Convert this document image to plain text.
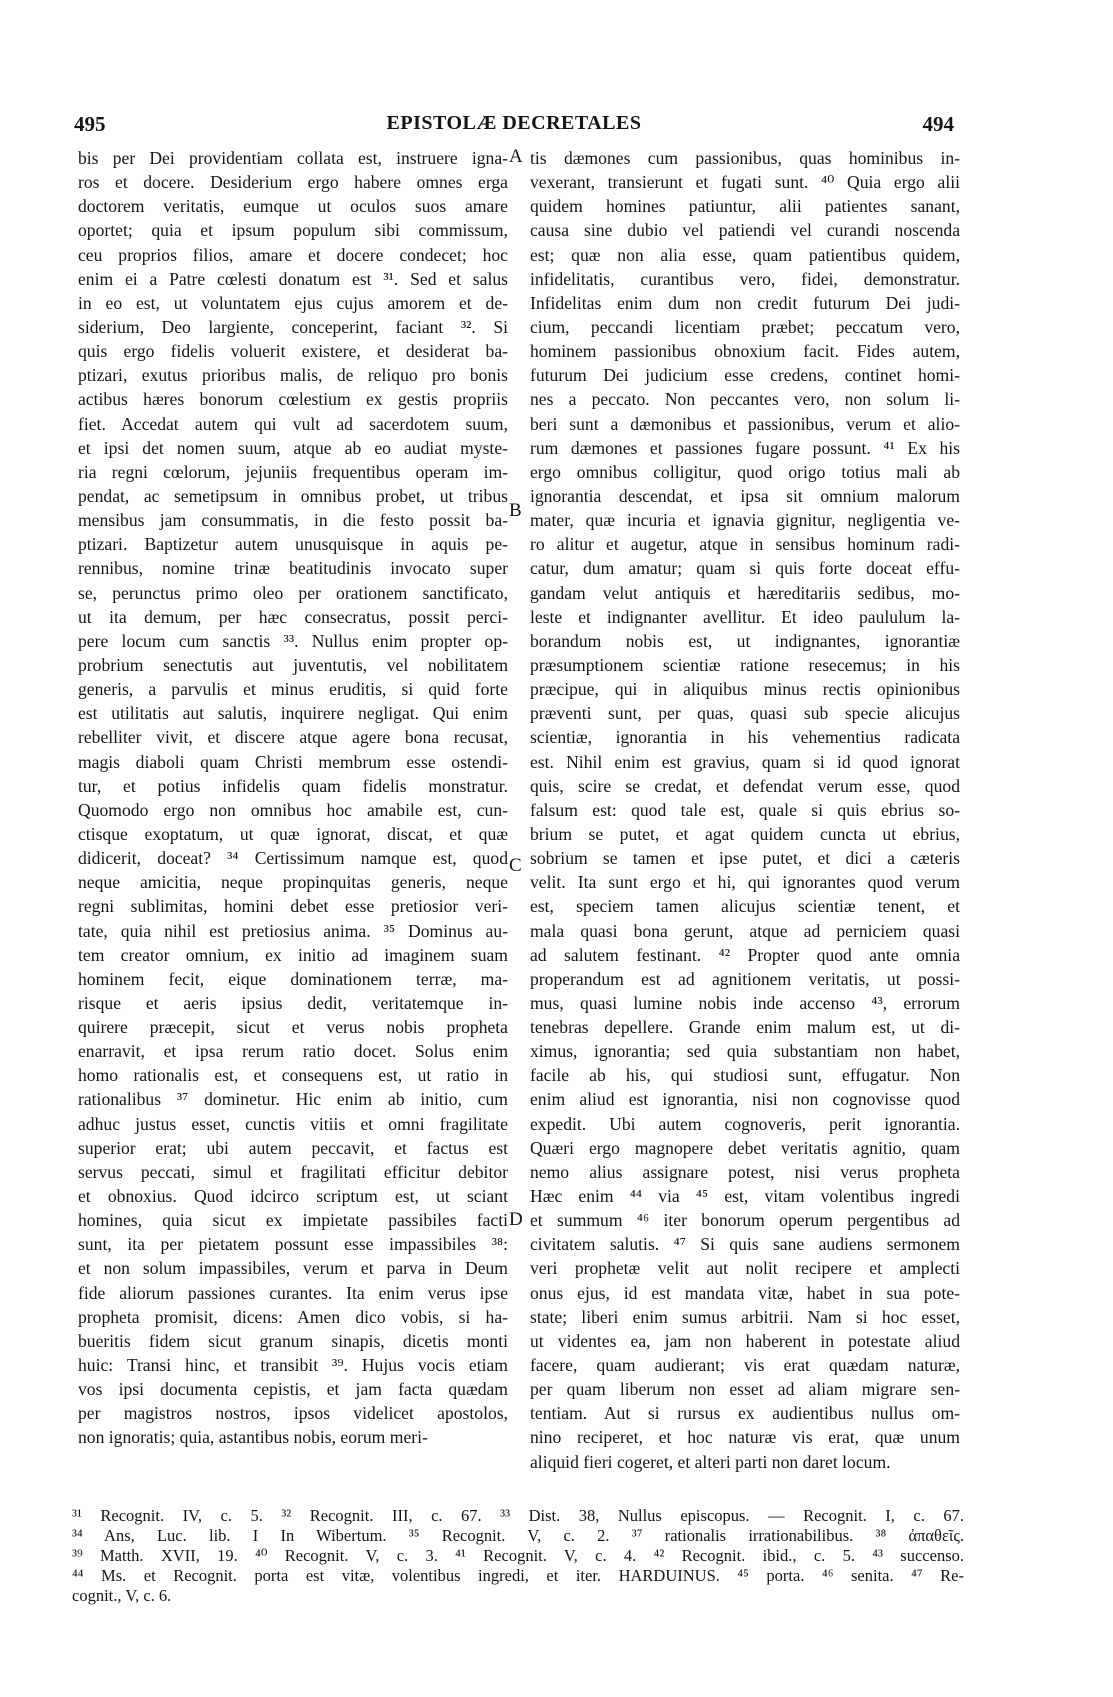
495	EPISTOLÆ DECRETALES	494
bis per Dei providentiam collata est, instruere igna-
ros et docere. Desiderium ergo habere omnes erga
doctorem veritatis, eumque ut oculos suos amare
oportet; quia et ipsum populum sibi commissum,
ceu proprios filios, amare et docere condecet; hoc
enim ei a Patre cœlesti donatum est ³¹. Sed et salus
in eo est, ut voluntatem ejus cujus amorem et de-
siderium, Deo largiente, conceperint, faciant ³². Si
quis ergo fidelis voluerit existere, et desiderat ba-
ptizari, exutus prioribus malis, de reliquo pro bonis
actibus hæres bonorum cœlestium ex gestis propriis
fiet. Accedat autem qui vult ad sacerdotem suum,
et ipsi det nomen suum, atque ab eo audiat myste-
ria regni cœlorum, jejuniis frequentibus operam im-
pendat, ac semetipsum in omnibus probet, ut tribus
mensibus jam consummatis, in die festo possit ba-
ptizari. Baptizetur autem unusquisque in aquis pe-
rennibus, nomine trinæ beatitudinis invocato super
se, perunctus primo oleo per orationem sanctificato,
ut ita demum, per hæc consecratus, possit perci-
pere locum cum sanctis ³³. Nullus enim propter op-
probrium senectutis aut juventutis, vel nobilitatem
generis, a parvulis et minus eruditis, si quid forte
est utilitatis aut salutis, inquirere negligat. Qui enim
rebelliter vivit, et discere atque agere bona recusat,
magis diaboli quam Christi membrum esse ostendi-
tur, et potius infidelis quam fidelis monstratur.
Quomodo ergo non omnibus hoc amabile est, cun-
ctisque exoptatum, ut quæ ignorat, discat, et quæ
didicerit, doceat? ³⁴ Certissimum namque est, quod
neque amicitia, neque propinquitas generis, neque
regni sublimitas, homini debet esse pretiosior veri-
tate, quia nihil est pretiosius anima. ³⁵ Dominus au-
tem creator omnium, ex initio ad imaginem suam
hominem fecit, eique dominationem terræ, ma-
risque et aeris ipsius dedit, veritatemque in-
quirere præcepit, sicut et verus nobis propheta
enarravit, et ipsa rerum ratio docet. Solus enim
homo rationalis est, et consequens est, ut ratio in
rationalibus ³⁷ dominetur. Hic enim ab initio, cum
adhuc justus esset, cunctis vitiis et omni fragilitate
superior erat; ubi autem peccavit, et factus est
servus peccati, simul et fragilitati efficitur debitor
et obnoxius. Quod idcirco scriptum est, ut sciant
homines, quia sicut ex impietate passibiles facti
sunt, ita per pietatem possunt esse impassibiles ³⁸:
et non solum impassibiles, verum et parva in Deum
fide aliorum passiones curantes. Ita enim verus ipse
propheta promisit, dicens: Amen dico vobis, si ha-
bueritis fidem sicut granum sinapis, dicetis monti
huic: Transi hinc, et transibit ³⁹. Hujus vocis etiam
vos ipsi documenta cepistis, et jam facta quædam
per magistros nostros, ipsos videlicet apostolos,
non ignoratis; quia, astantibus nobis, eorum meri-
tis dæmones cum passionibus, quas hominibus in-
vexerant, transierunt et fugati sunt. ⁴⁰ Quia ergo alii
quidem homines patiuntur, alii patientes sanant,
causa sine dubio vel patiendi vel curandi noscenda
est; quæ non alia esse, quam patientibus quidem,
infidelitatis, curantibus vero, fidei, demonstratur.
Infidelitas enim dum non credit futurum Dei judi-
cium, peccandi licentiam præbet; peccatum vero,
hominem passionibus obnoxium facit. Fides autem,
futurum Dei judicium esse credens, continet homi-
nes a peccato. Non peccantes vero, non solum li-
beri sunt a dæmonibus et passionibus, verum et alio-
rum dæmones et passiones fugare possunt. ⁴¹ Ex his
ergo omnibus colligitur, quod origo totius mali ab
ignorantia descendat, et ipsa sit omnium malorum
mater, quæ incuria et ignavia gignitur, negligentia ve-
ro alitur et augetur, atque in sensibus hominum radi-
catur, dum amatur; quam si quis forte doceat effu-
gandam velut antiquis et hæreditariis sedibus, mo-
leste et indignanter avellitur. Et ideo paululum la-
borandum nobis est, ut indignantes, ignorantiæ
præsumptionem scientiæ ratione resecemus; in his
præcipue, qui in aliquibus minus rectis opinionibus
præventi sunt, per quas, quasi sub specie alicujus
scientiæ, ignorantia in his vehementius radicata
est. Nihil enim est gravius, quam si id quod ignorat
quis, scire se credat, et defendat verum esse, quod
falsum est: quod tale est, quale si quis ebrius so-
brium se putet, et agat quidem cuncta ut ebrius,
sobrium se tamen et ipse putet, et dici a cæteris
velit. Ita sunt ergo et hi, qui ignorantes quod verum
est, speciem tamen alicujus scientiæ tenent, et
mala quasi bona gerunt, atque ad perniciem quasi
ad salutem festinant. ⁴² Propter quod ante omnia
properandum est ad agnitionem veritatis, ut possi-
mus, quasi lumine nobis inde accenso ⁴³, errorum
tenebras depellere. Grande enim malum est, ut di-
ximus, ignorantia; sed quia substantiam non habet,
facile ab his, qui studiosi sunt, effugatur. Non
enim aliud est ignorantia, nisi non cognovisse quod
expedit. Ubi autem cognoveris, perit ignorantia.
Quæri ergo magnopere debet veritatis agnitio, quam
nemo alius assignare potest, nisi verus propheta
Hæc enim ⁴⁴ via ⁴⁵ est, vitam volentibus ingredi
et summum ⁴⁶ iter bonorum operum pergentibus ad
civitatem salutis. ⁴⁷ Si quis sane audiens sermonem
veri prophetæ velit aut nolit recipere et amplecti
onus ejus, id est mandata vitæ, habet in sua pote-
state; liberi enim sumus arbitrii. Nam si hoc esset,
ut videntes ea, jam non haberent in potestate aliud
facere, quam audierant; vis erat quædam naturæ,
per quam liberum non esset ad aliam migrare sen-
tentiam. Aut si rursus ex audientibus nullus om-
nino reciperet, et hoc naturæ vis erat, quæ unum
aliquid fieri cogeret, et alteri parti non daret locum.
A
B
C
D
³¹ Recognit. IV, c. 5. ³² Recognit. III, c. 67. ³³ Dist. 38, Nullus episcopus. — Recognit. I, c. 67.
³⁴ Ans, Luc. lib. I In Wibertum. ³⁵ Recognit. V, c. 2. ³⁷ rationalis irrationabilibus. ³⁸ ἀπαθεῖς.
³⁹ Matth. XVII, 19. ⁴⁰ Recognit. V, c. 3. ⁴¹ Recognit. V, c. 4. ⁴² Recognit. ibid., c. 5. ⁴³ succenso.
⁴⁴ Ms. et Recognit. porta est vitæ, volentibus ingredi, et iter. HARDUINUS. ⁴⁵ porta. ⁴⁶ senita. ⁴⁷ Re-
cognit., V, c. 6.
